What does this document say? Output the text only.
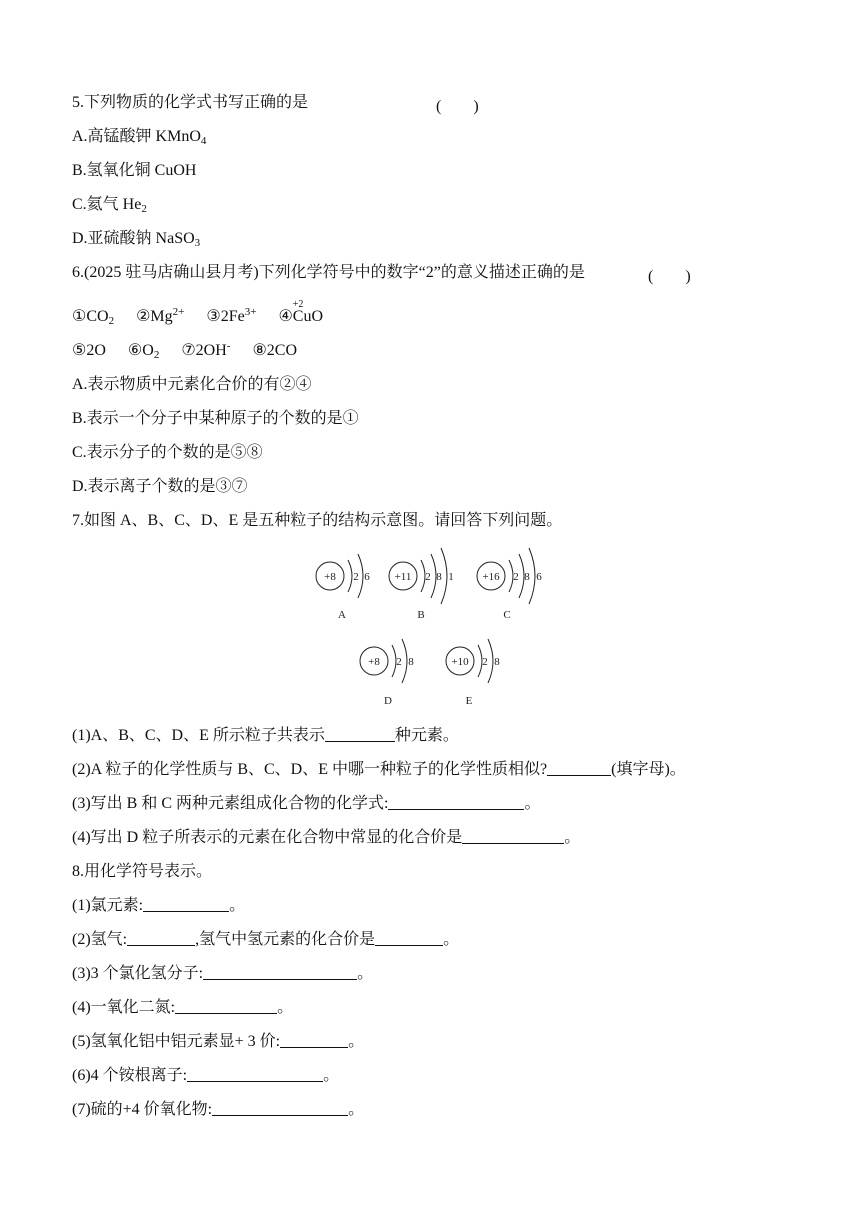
5.下列物质的化学式书写正确的是	(　　)
A.高锰酸钾 KMnO$_4$
B.氢氧化铜 CuOH
C.氦气 $He_2$
D.亚硫酸钠 NaSO$_3$
6.(2025 驻马店确山县月考)下列化学符号中的数字“2”的意义描述正确的是	(　　)
$①CO_2$ $②Mg^{2+}$ $③2Fe^{3+}$ ④
+2
CuO
⑤2O $⑥O_2$ ⑦2OH- ⑧2CO
A.表示物质中元素化合价的有②④
B.表示一个分子中某种原子的个数的是①
C.表示分子的个数的是⑤⑧
D.表示离子个数的是③⑦
7.如图 A、B、C、D、E 是五种粒子的结构示意图。请回答下列问题。
+8 2 6
A
+11 2 8 1
B
+16 2 8 6
C
+8 2 8
D
+10 2 8
E
(1)A、B、C、D、E 所示粒子共表示	种元素。
(2)A 粒子的化学性质与 B、C、D、E 中哪一种粒子的化学性质相似?	(填字母)。
(3)写出 B 和 C 两种元素组成化合物的化学式:	。
(4)写出 D 粒子所表示的元素在化合物中常显的化合价是	。
8.用化学符号表示。
(1)氯元素:	。
(2)氢气:	,氢气中氢元素的化合价是	。
(3)3 个氯化氢分子:	。
(4)一氧化二氮:	。
(5)氢氧化铝中铝元素显+ 3 价:	。
(6)4 个铵根离子:	。
(7)硫的+4 价氧化物:	。
